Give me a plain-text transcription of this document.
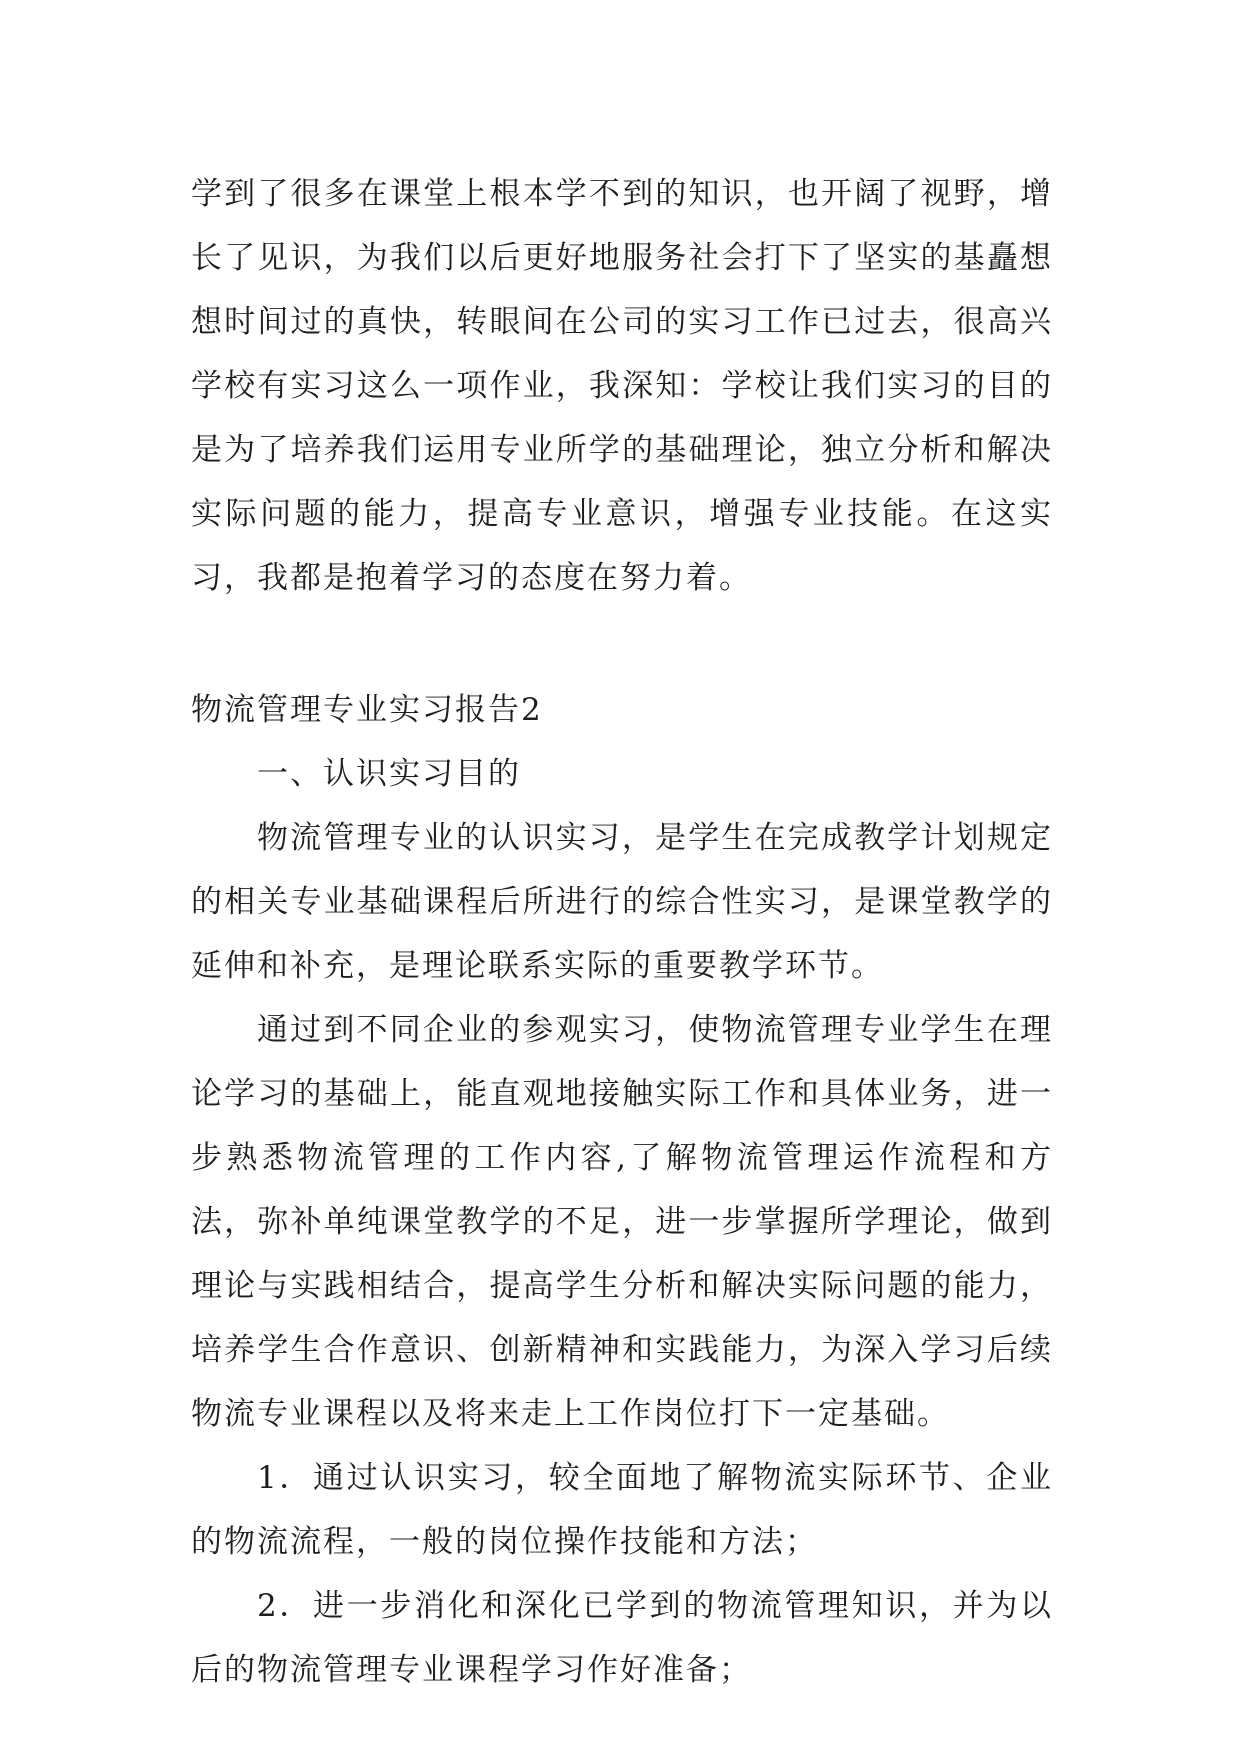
学到了很多在课堂上根本学不到的知识，也开阔了视野，增长了见识，为我们以后更好地服务社会打下了坚实的基矗想想时间过的真快，转眼间在公司的实习工作已过去，很高兴学校有实习这么一项作业，我深知：学校让我们实习的目的是为了培养我们运用专业所学的基础理论，独立分析和解决实际问题的能力，提高专业意识，增强专业技能。在这实习，我都是抱着学习的态度在努力着。

物流管理专业实习报告2

一、认识实习目的

物流管理专业的认识实习，是学生在完成教学计划规定的相关专业基础课程后所进行的综合性实习，是课堂教学的延伸和补充，是理论联系实际的重要教学环节。

通过到不同企业的参观实习，使物流管理专业学生在理论学习的基础上，能直观地接触实际工作和具体业务，进一步熟悉物流管理的工作内容,了解物流管理运作流程和方法，弥补单纯课堂教学的不足，进一步掌握所学理论，做到理论与实践相结合，提高学生分析和解决实际问题的能力，培养学生合作意识、创新精神和实践能力，为深入学习后续物流专业课程以及将来走上工作岗位打下一定基础。

1．通过认识实习，较全面地了解物流实际环节、企业的物流流程，一般的岗位操作技能和方法；

2．进一步消化和深化已学到的物流管理知识，并为以后的物流管理专业课程学习作好准备；
